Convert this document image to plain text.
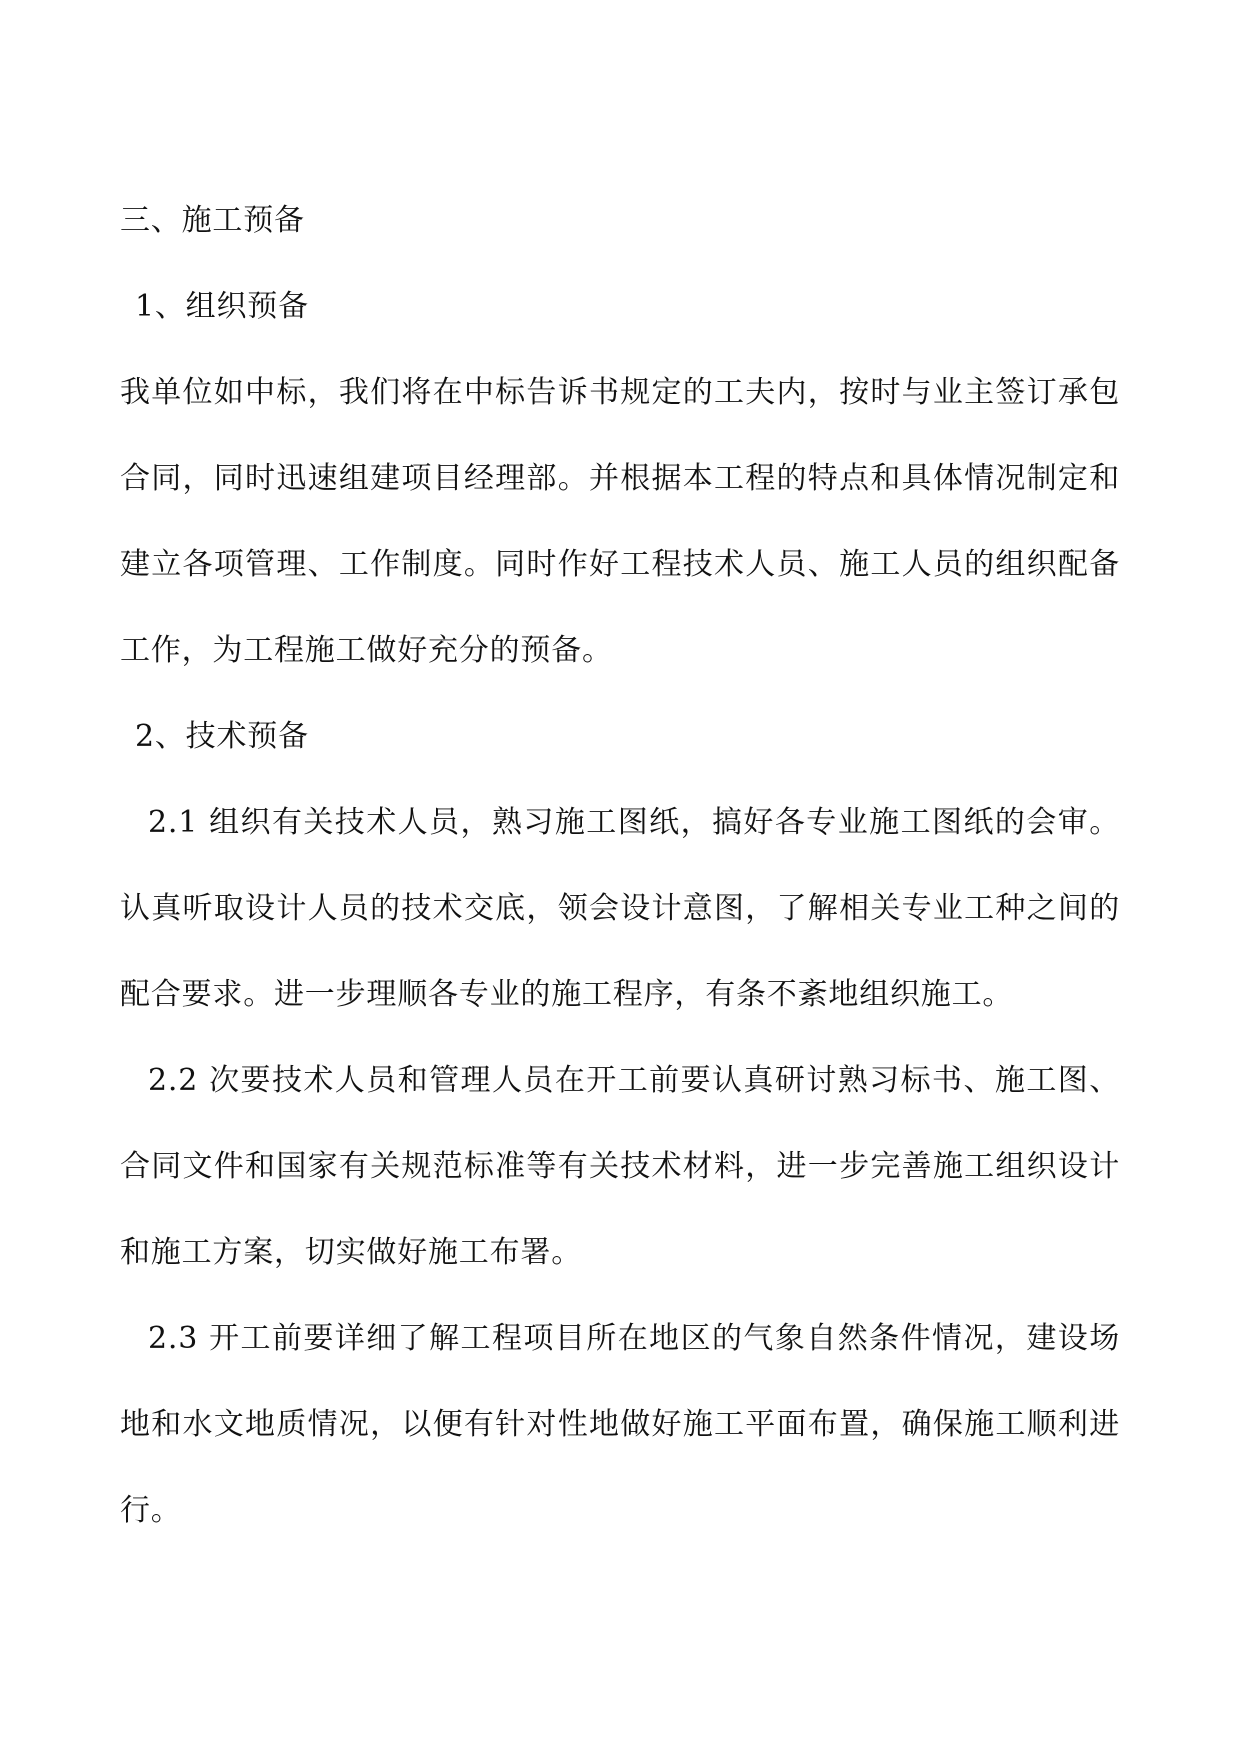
三、施工预备
1、组织预备
我单位如中标，我们将在中标告诉书规定的工夫内，按时与业主签订承包
合同，同时迅速组建项目经理部。并根据本工程的特点和具体情况制定和
建立各项管理、工作制度。同时作好工程技术人员、施工人员的组织配备
工作，为工程施工做好充分的预备。
2、技术预备
2.1 组织有关技术人员，熟习施工图纸，搞好各专业施工图纸的会审。
认真听取设计人员的技术交底，领会设计意图，了解相关专业工种之间的
配合要求。进一步理顺各专业的施工程序，有条不紊地组织施工。
2.2 次要技术人员和管理人员在开工前要认真研讨熟习标书、施工图、
合同文件和国家有关规范标准等有关技术材料，进一步完善施工组织设计
和施工方案，切实做好施工布署。
2.3 开工前要详细了解工程项目所在地区的气象自然条件情况，建设场
地和水文地质情况，以便有针对性地做好施工平面布置，确保施工顺利进
行。
